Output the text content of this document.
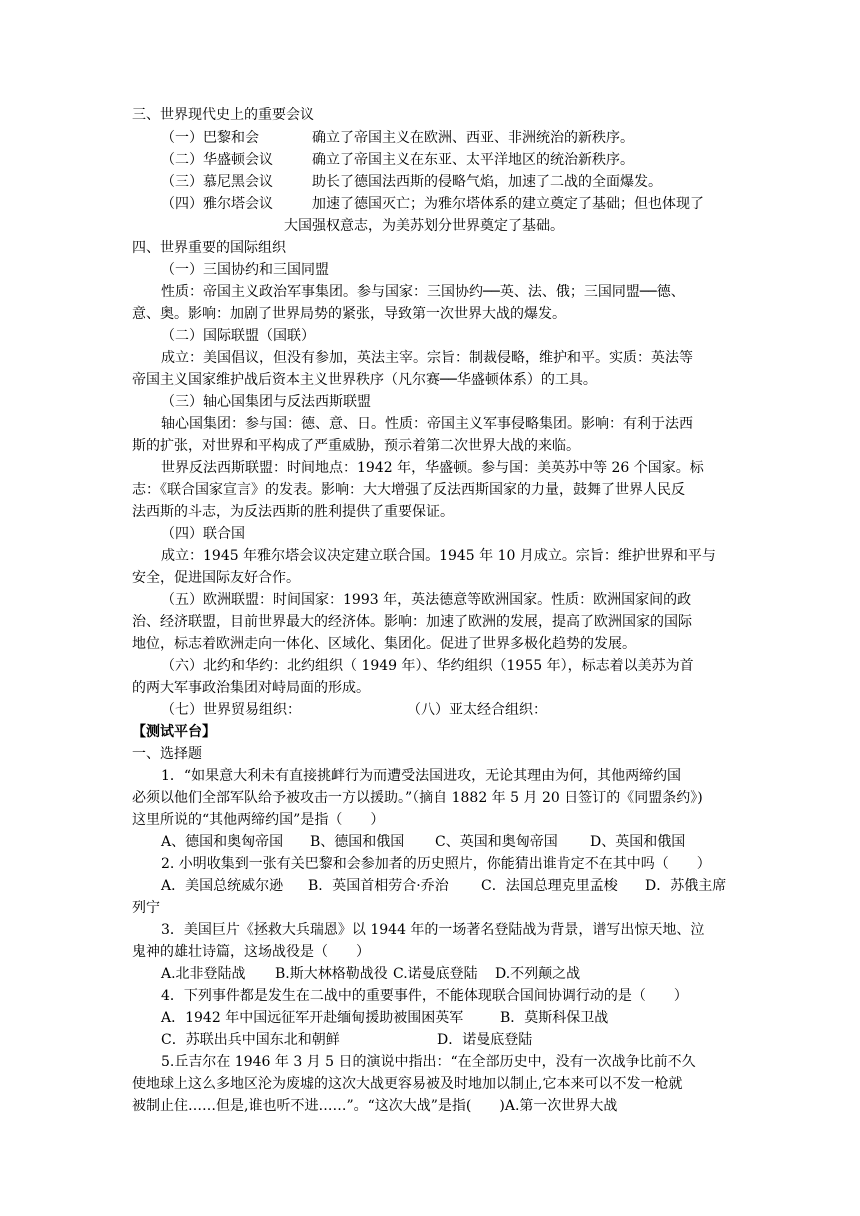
三、世界现代史上的重要会议
（一）巴黎和会	确立了帝国主义在欧洲、西亚、非洲统治的新秩序。
（二）华盛顿会议	确立了帝国主义在东亚、太平洋地区的统治新秩序。
（三）慕尼黑会议	助长了德国法西斯的侵略气焰，加速了二战的全面爆发。
（四）雅尔塔会议	加速了德国灭亡；为雅尔塔体系的建立奠定了基础；但也体现了
大国强权意志，为美苏划分世界奠定了基础。
四、世界重要的国际组织
（一）三国协约和三国同盟
性质：帝国主义政治军事集团。参与国家：三国协约──英、法、俄；三国同盟──德、
意、奥。影响：加剧了世界局势的紧张，导致第一次世界大战的爆发。
（二）国际联盟（国联）
成立：美国倡议，但没有参加，英法主宰。宗旨：制裁侵略，维护和平。实质：英法等
帝国主义国家维护战后资本主义世界秩序（凡尔赛──华盛顿体系）的工具。
（三）轴心国集团与反法西斯联盟
轴心国集团：参与国：德、意、日。性质：帝国主义军事侵略集团。影响：有利于法西
斯的扩张，对世界和平构成了严重威胁，预示着第二次世界大战的来临。
世界反法西斯联盟：时间地点：1942 年，华盛顿。参与国：美英苏中等 26 个国家。标
志：《联合国家宣言》的发表。影响：大大增强了反法西斯国家的力量，鼓舞了世界人民反
法西斯的斗志，为反法西斯的胜利提供了重要保证。
（四）联合国
成立：1945 年雅尔塔会议决定建立联合国。1945 年 10 月成立。宗旨：维护世界和平与
安全，促进国际友好合作。
（五）欧洲联盟：时间国家：1993 年，英法德意等欧洲国家。性质：欧洲国家间的政
治、经济联盟，目前世界最大的经济体。影响：加速了欧洲的发展，提高了欧洲国家的国际
地位，标志着欧洲走向一体化、区域化、集团化。促进了世界多极化趋势的发展。
（六）北约和华约：北约组织（ 1949 年）、华约组织（1955 年），标志着以美苏为首
的两大军事政治集团对峙局面的形成。
（七）世界贸易组织：	（八）亚太经合组织：
【测试平台】
一、选择题
1．“如果意大利未有直接挑衅行为而遭受法国进攻，无论其理由为何，其他两缔约国
必须以他们全部军队给予被攻击一方以援助。”（摘自 1882 年 5 月 20 日签订的《同盟条约》)
这里所说的“其他两缔约国”是指（　　）
A、德国和奥匈帝国 B、德国和俄国 C、英国和奥匈帝国 D、英国和俄国
2. 小明收集到一张有关巴黎和会参加者的历史照片，你能猜出谁肯定不在其中吗（　　）
A．美国总统威尔逊 B．英国首相劳合·乔治 C．法国总理克里孟梭 D．苏俄主席
列宁
3．美国巨片《拯救大兵瑞恩》以 1944 年的一场著名登陆战为背景，谱写出惊天地、泣
鬼神的雄壮诗篇，这场战役是（　　）
A.北非登陆战 B.斯大林格勒战役 C.诺曼底登陆 D.不列颠之战
4．下列事件都是发生在二战中的重要事件，不能体现联合国间协调行动的是（　　）
A．1942 年中国远征军开赴缅甸援助被围困英军	B．莫斯科保卫战
C．苏联出兵中国东北和朝鲜	D．诺曼底登陆
5.丘吉尔在 1946 年 3 月 5 日的演说中指出：“在全部历史中，没有一次战争比前不久
使地球上这么多地区沦为废墟的这次大战更容易被及时地加以制止,它本来可以不发一枪就
被制止住……但是,谁也听不进……”。“这次大战”是指(　　)A.第一次世界大战
